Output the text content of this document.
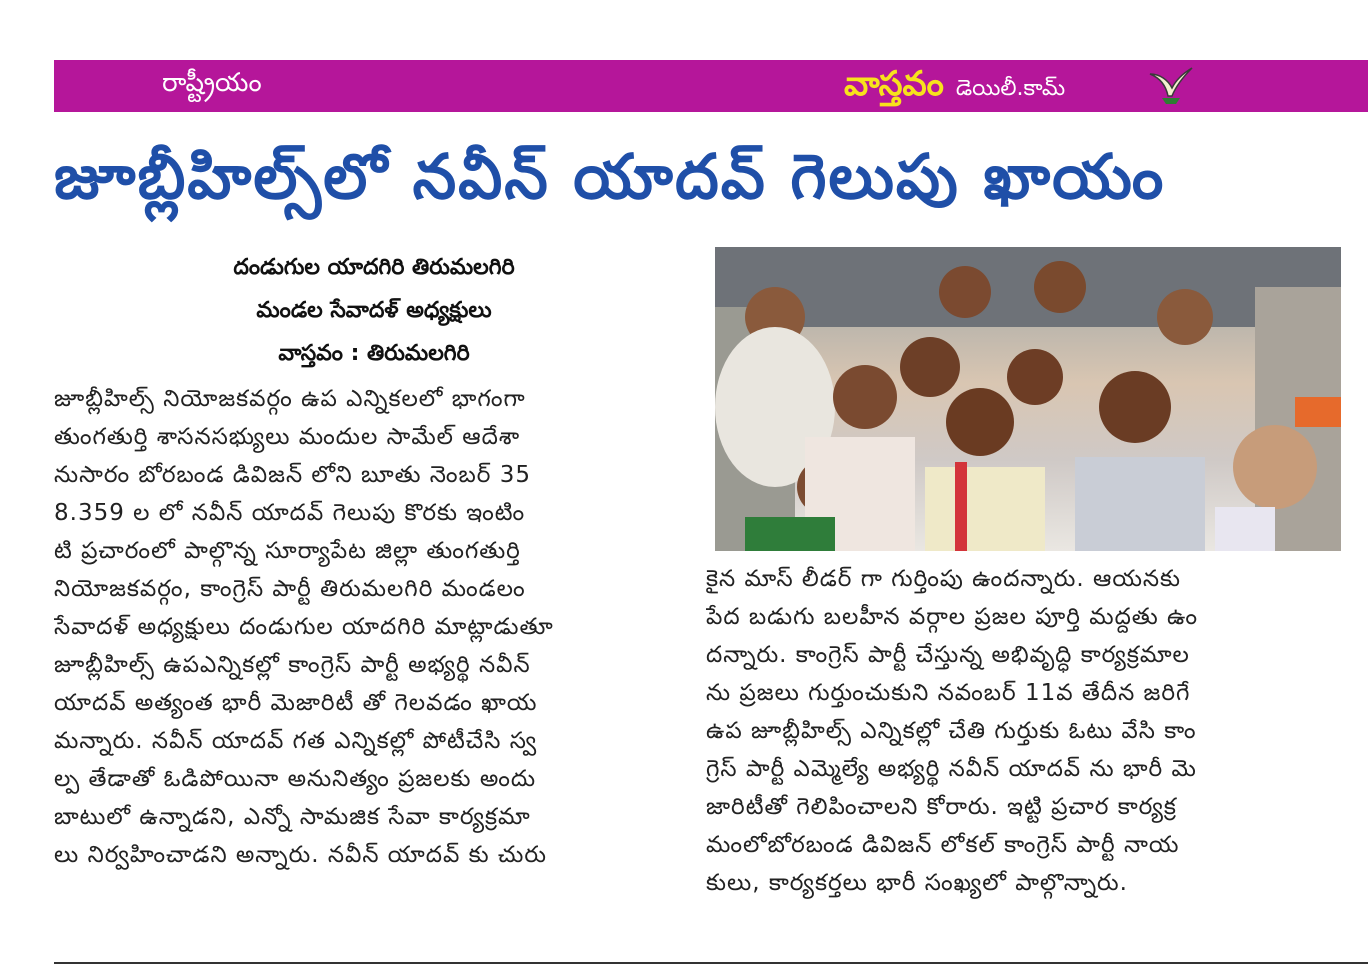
రాష్ట్రీయం	వాస్తవం డెయిలీ.కామ్
జూబ్లీహిల్స్‌లో నవీన్ యాదవ్ గెలుపు ఖాయం
దండుగుల యాదగిరి తిరుమలగిరి
మండల సేవాదళ్ అధ్యక్షులు
వాస్తవం : తిరుమలగిరి
జూబ్లీహిల్స్ నియోజకవర్గం ఉప ఎన్నికలలో భాగంగా
తుంగతుర్తి శాసనసభ్యులు మందుల సామేల్ ఆదేశా
నుసారం బోరబండ డివిజన్ లోని బూతు నెంబర్ 35
8.359 ల లో నవీన్ యాదవ్ గెలుపు కొరకు ఇంటిం
టి ప్రచారంలో పాల్గొన్న సూర్యాపేట జిల్లా తుంగతుర్తి
నియోజకవర్గం, కాంగ్రెస్ పార్టీ తిరుమలగిరి మండలం
సేవాదళ్ అధ్యక్షులు దండుగుల యాదగిరి మాట్లాడుతూ
జూబ్లీహిల్స్ ఉపఎన్నికల్లో కాంగ్రెస్ పార్టీ అభ్యర్థి నవీన్
యాదవ్ అత్యంత భారీ మెజారిటీ తో గెలవడం ఖాయ
మన్నారు. నవీన్ యాదవ్ గత ఎన్నికల్లో పోటీచేసి స్వ
ల్ప తేడాతో ఓడిపోయినా అనునిత్యం ప్రజలకు అందు
బాటులో ఉన్నాడని, ఎన్నో సామజిక సేవా కార్యక్రమా
లు నిర్వహించాడని అన్నారు. నవీన్ యాదవ్ కు చురు
కైన మాస్ లీడర్ గా గుర్తింపు ఉందన్నారు. ఆయనకు
పేద బడుగు బలహీన వర్గాల ప్రజల పూర్తి మద్దతు ఉం
దన్నారు. కాంగ్రెస్ పార్టీ చేస్తున్న అభివృద్ధి కార్యక్రమాల
ను ప్రజలు గుర్తుంచుకుని నవంబర్ 11వ తేదీన జరిగే
ఉప జూబ్లీహిల్స్ ఎన్నికల్లో చేతి గుర్తుకు ఓటు వేసి కాం
గ్రెస్ పార్టీ ఎమ్మెల్యే అభ్యర్థి నవీన్ యాదవ్ ను భారీ మె
జారిటీతో గెలిపించాలని కోరారు. ఇట్టి ప్రచార కార్యక్ర
మంలోబోరబండ డివిజన్ లోకల్ కాంగ్రెస్ పార్టీ నాయ
కులు, కార్యకర్తలు భారీ సంఖ్యలో పాల్గొన్నారు.
